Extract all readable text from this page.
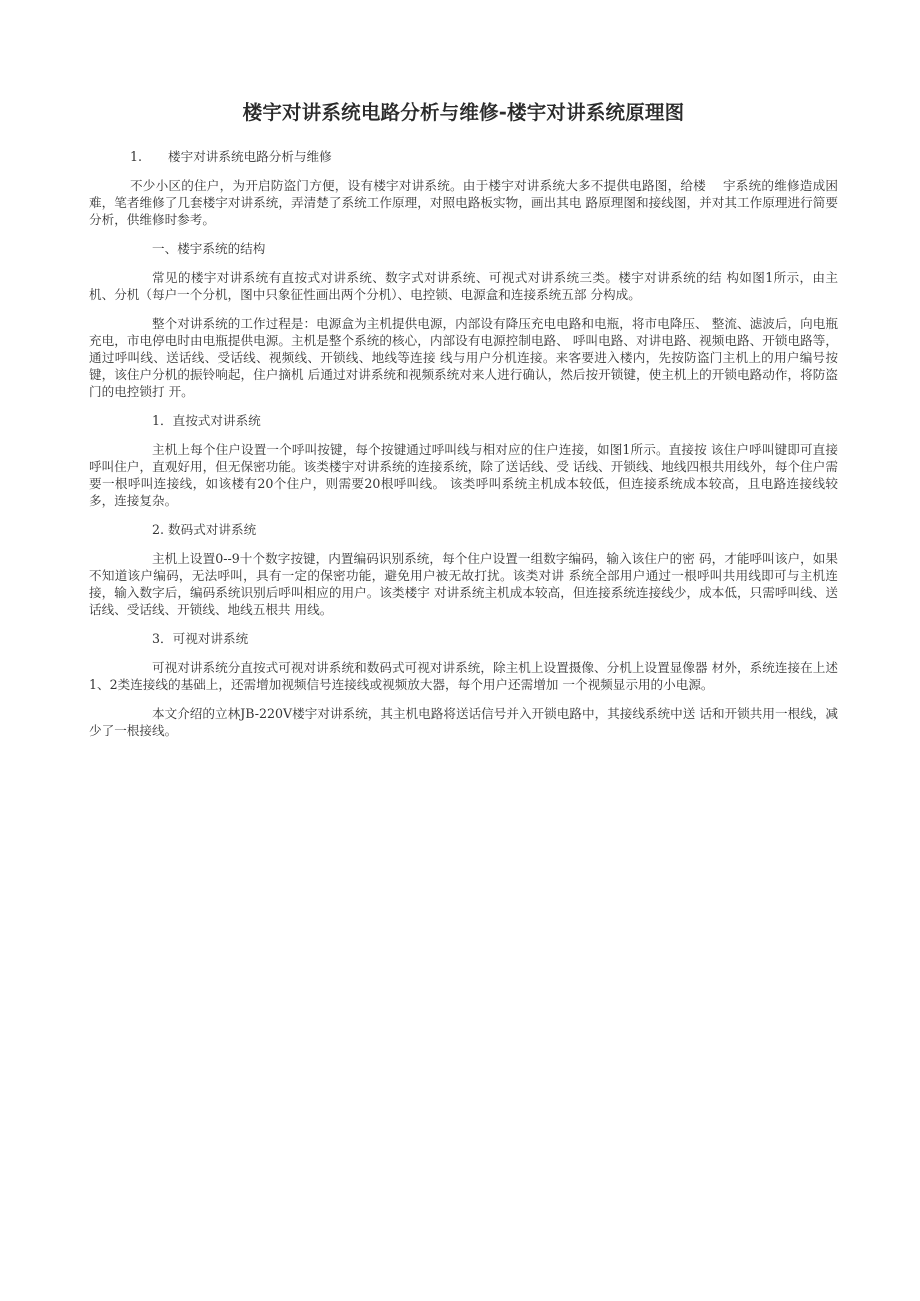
楼宇对讲系统电路分析与维修-楼宇对讲系统原理图
1.	楼宇对讲系统电路分析与维修

不少小区的住户，为开启防盗门方便，设有楼宇对讲系统。由于楼宇对讲系统大多不提供电路图，给楼　 宇系统的维修造成困难，笔者维修了几套楼宇对讲系统，弄清楚了系统工作原理，对照电路板实物，画出其电 路原理图和接线图，并对其工作原理进行简要分析，供维修时参考。

一、楼宇系统的结构

常见的楼宇对讲系统有直按式对讲系统、数字式对讲系统、可视式对讲系统三类。楼宇对讲系统的结 构如图1所示，由主机、分机（每户一个分机，图中只象征性画出两个分机）、电控锁、电源盒和连接系统五部 分构成。

整个对讲系统的工作过程是：电源盒为主机提供电源，内部设有降压充电电路和电瓶，将市电降压、 整流、滤波后，向电瓶充电，市电停电时由电瓶提供电源。主机是整个系统的核心，内部设有电源控制电路、 呼叫电路、对讲电路、视频电路、开锁电路等，通过呼叫线、送话线、受话线、视频线、开锁线、地线等连接 线与用户分机连接。来客要进入楼内，先按防盗门主机上的用户编号按键，该住户分机的振铃响起，住户摘机 后通过对讲系统和视频系统对来人进行确认，然后按开锁键，使主机上的开锁电路动作，将防盗门的电控锁打 开。

1．直按式对讲系统

主机上每个住户设置一个呼叫按键，每个按键通过呼叫线与相对应的住户连接，如图1所示。直接按 该住户呼叫键即可直接呼叫住户，直观好用，但无保密功能。该类楼宇对讲系统的连接系统，除了送话线、受 话线、开锁线、地线四根共用线外，每个住户需要一根呼叫连接线，如该楼有20个住户，则需要20根呼叫线。 该类呼叫系统主机成本较低，但连接系统成本较高，且电路连接线较多，连接复杂。

2. 数码式对讲系统

主机上设置0--9十个数字按键，内置编码识别系统，每个住户设置一组数字编码，输入该住户的密 码，才能呼叫该户，如果不知道该户编码，无法呼叫，具有一定的保密功能，避免用户被无故打扰。该类对讲 系统全部用户通过一根呼叫共用线即可与主机连接，输入数字后，编码系统识别后呼叫相应的用户。该类楼宇 对讲系统主机成本较高，但连接系统连接线少，成本低，只需呼叫线、送话线、受话线、开锁线、地线五根共 用线。

3．可视对讲系统

可视对讲系统分直按式可视对讲系统和数码式可视对讲系统，除主机上设置摄像、分机上设置显像器 材外，系统连接在上述1、2类连接线的基础上，还需增加视频信号连接线或视频放大器，每个用户还需增加 一个视频显示用的小电源。

本文介绍的立林JB-220V楼宇对讲系统，其主机电路将送话信号并入开锁电路中，其接线系统中送 话和开锁共用一根线，减少了一根接线。
